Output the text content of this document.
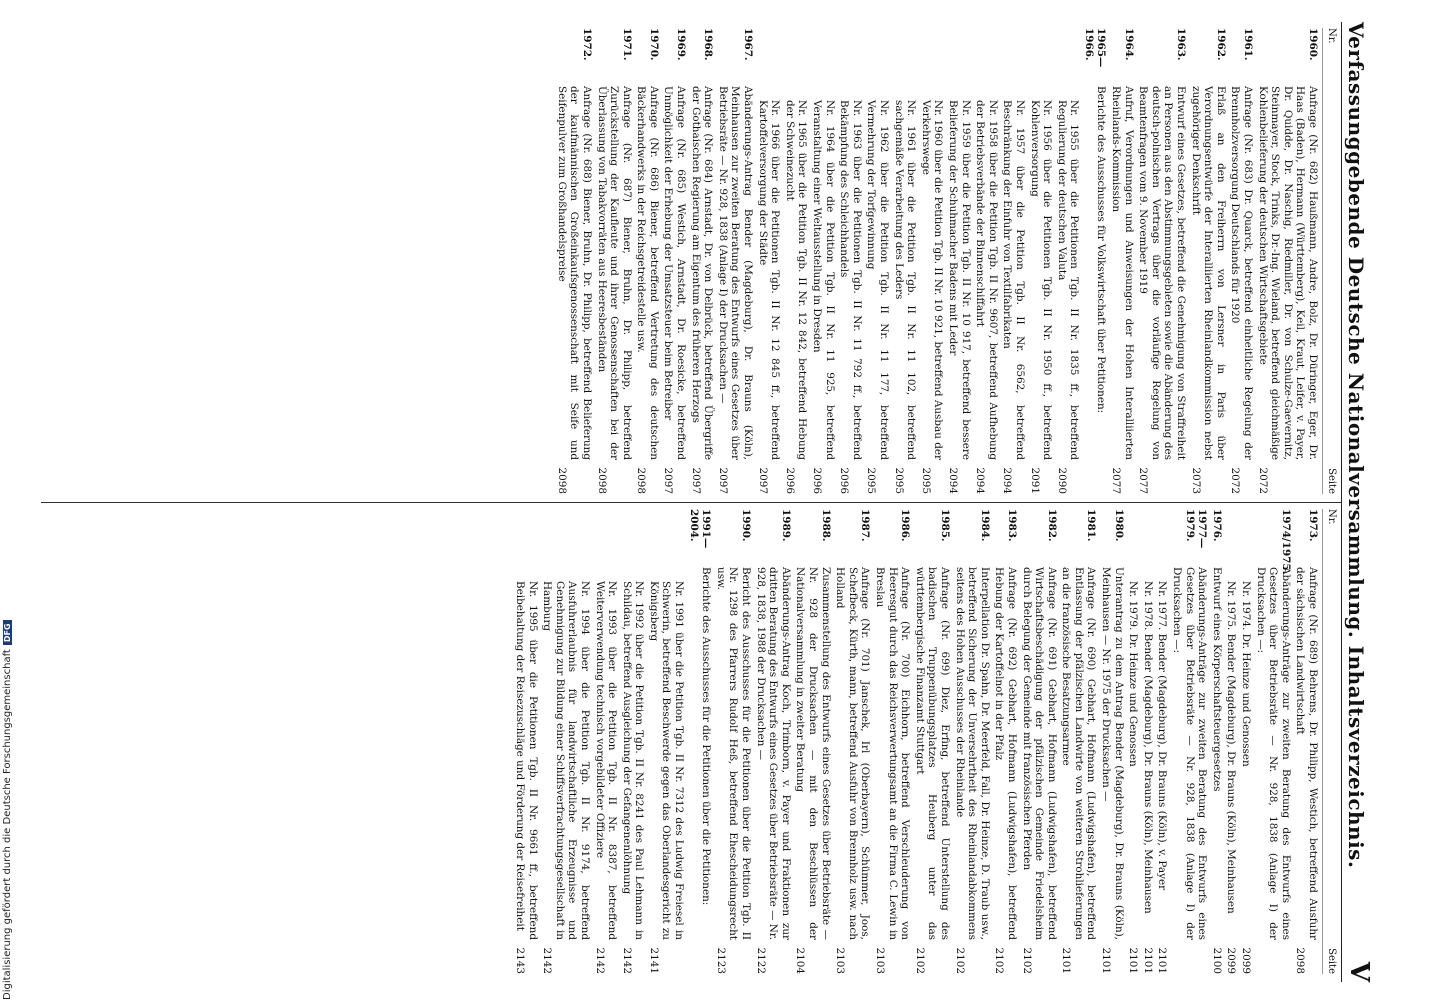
Verfassunggebende Deutsche Nationalversammlung. Inhaltsverzeichnis.
V
Nr.
Seite
1960.
Anfrage (Nr. 682) Haußmann, Andre, Bolz, Dr. Düringer, Eger, Dr. Haas (Baden), Hermann (Württemberg), Keil, Kraut, Leifer, v. Payer, Dr. Quidde, Dr. Naschig, Riedmiller, Dr. von Schulze-Gaevernitz, Steinmayer, Stock, Trinks, Dr.-Ing. Wieland, betreffend gleichmäßige Kohlenbelieferung der deutschen Wirtschaftsgebiete
2072
1961.
Anfrage (Nr. 683) Dr. Quarck, betreffend einheitliche Regelung der Brennholzversorgung Deutschlands für 1920
2072
1962.
Erlaß an den Freiherrn von Lersner in Paris über Verordnungsentwürfe der Interalliierten Rheinlandkommission nebst zugehöriger Denkschrift
2073
1963.
Entwurf eines Gesetzes, betreffend die Genehmigung von Straffreiheit an Personen aus den Abstimmungsgebieten sowie die Abänderung des deutsch-polnischen Vertrags über die vorläufige Regelung von Beamtenfragen vom 9. November 1919
2077
1964.
Aufruf, Verordnungen und Anweisungen der Hohen Interalliierten Rheinlands-Kommission
2077
1965—1966.
Berichte des Ausschusses für Volkswirtschaft über Petitionen:
Nr. 1955 über die Petitionen Tgb. II Nr. 1835 ff., betreffend Regulierung der deutschen Valuta
2090
Nr. 1956 über die Petitionen Tgb. II Nr. 1950 ff., betreffend Kohlenversorgung
2091
Nr. 1957 über die Petition Tgb. II Nr. 6562, betreffend Beschränkung der Einfuhr von Textilfabrikaten
2094
Nr. 1958 über die Petition Tgb. II Nr. 9607, betreffend Aufhebung der Betriebsverbände der Binnenschiffahrt
2094
Nr. 1959 über die Petition Tgb. II Nr. 10 917, betreffend bessere Belieferung der Schuhmacher Badens mit Leder
2094
Nr. 1960 über die Petition Tgb. II Nr. 10 921, betreffend Ausbau der Verkehrswege
2095
Nr. 1961 über die Petition Tgb. II Nr. 11 102, betreffend sachgemäße Verarbeitung des Leders
2095
Nr. 1962 über die Petition Tgb. II Nr. 11 177, betreffend Vermehrung der Torfgewinnung
2095
Nr. 1963 über die Petitionen Tgb. II Nr. 11 792 ff., betreffend Bekämpfung des Schleichhandels
2096
Nr. 1964 über die Petition Tgb. II Nr. 11 925, betreffend Veranstaltung einer Weltausstellung in Dresden
2096
Nr. 1965 über die Petition Tgb. II Nr. 12 842, betreffend Hebung der Schweinezucht
2096
Nr. 1966 über die Petitionen Tgb. II Nr. 12 845 ff., betreffend Kartoffelversorgung der Städte
2097
1967.
Abänderungs-Antrag Bender (Magdeburg), Dr. Brauns (Köln), Meinhausen zur zweiten Beratung des Entwurfs eines Gesetzes über Betriebsräte — Nr. 928, 1838 (Anlage I) der Drucksachen —
2097
1968.
Anfrage (Nr. 684) Arnstadt, Dr. von Delbrück, betreffend Übergriffe der Gothaischen Regierung am Eigentum des früheren Herzogs
2097
1969.
Anfrage (Nr. 685) Westich, Arnstadt, Dr. Roesicke, betreffend Unmöglichkeit der Erhebung der Umsatzsteuer beim Betreiber
2097
1970.
Anfrage (Nr. 686) Biener, betreffend Vertretung des deutschen Bäckerhandwerks in der Reichsgetreidestelle usw.
2098
1971.
Anfrage (Nr. 687) Biener, Bruhn, Dr. Philipp, betreffend Zurückstellung der Kaufleute und ihrer Genossenschaften bei der Überlassung von Tabakvorräten aus Heeresbeständen
2098
1972.
Anfrage (Nr. 688) Biener, Bruhn, Dr. Philipp, betreffend Belieferung der kaufmännischen Großeinkaufsgenossenschaft mit Seife und Seifenpulver zum Großhandelspreise
2098
Nr.
Seite
1973.
Anfrage (Nr. 689) Behrens, Dr. Philipp, Westich, betreffend Ausfuhr der sächsischen Landwirtschaft
2098
1974/1975.
Abänderungs-Anträge zur zweiten Beratung des Entwurfs eines Gesetzes über Betriebsräte — Nr. 928, 1838 (Anlage I) der Drucksachen —:
Nr. 1974. Dr. Heinze und Genossen
2099
Nr. 1975. Bender (Magdeburg), Dr. Brauns (Köln), Meinhausen
2099
1976.
Entwurf eines Körperschaftsteuergesetzes
2100
1977—1979.
Abänderungs-Anträge zur zweiten Beratung des Entwurfs eines Gesetzes über Betriebsräte — Nr. 928, 1838 (Anlage I) der Drucksachen —:
Nr. 1977. Bender (Magdeburg), Dr. Brauns (Köln), v. Payer
2101
Nr. 1978. Bender (Magdeburg), Dr. Brauns (Köln), Meinhausen
2101
Nr. 1979. Dr. Heinze und Genossen
2101
1980.
Unterantrag zu dem Antrag Bender (Magdeburg), Dr. Brauns (Köln), Meinhausen — Nr. 1975 der Drucksachen —
2101
1981.
Anfrage (Nr. 690) Gebhart, Hofmann (Ludwigshafen), betreffend Entlassung der pfälzischen Landwirte von weiteren Strohlieferungen an die französische Besatzungsarmee
2101
1982.
Anfrage (Nr. 691) Gebhart, Hofmann (Ludwigshafen), betreffend Wirtschaftsbeschädigung der pfälzischen Gemeinde Friedelsheim durch Belegung der Gemeinde mit französischen Pferden
2102
1983.
Anfrage (Nr. 692) Gebhart, Hofmann (Ludwigshafen), betreffend Hebung der Kartoffelnot in der Pfalz
2102
1984.
Interpellation Dr. Spahn, Dr. Meerfeld, Fall, Dr. Heinze, D. Traub usw., betreffend Sicherung der Unversehrtheit des Rheinlandabkommens seitens des Hohen Ausschusses der Rheinlande
2102
1985.
Anfrage (Nr. 699) Diez, Erfing, betreffend Unterstellung des badischen Truppenübungsplatzes Heuberg unter das württembergische Finanzamt Stuttgart
2102
1986.
Anfrage (Nr. 700) Eichhorn, betreffend Verschleuderung von Heeresgut durch das Reichsverwertungsamt an die Firma C. Lewin in Breslau
2103
1987.
Anfrage (Nr. 701) Janschek, Irl (Oberbayern), Schümmer, Joos, Schefbeck, Kürth, mann, betreffend Ausfuhr von Brennholz usw. nach Holland
2103
1988.
Zusammenstellung des Entwurfs eines Gesetzes über Betriebsräte — Nr. 928 der Drucksachen — mit den Beschlüssen der Nationalversammlung in zweiter Beratung
2104
1989.
Abänderungs-Antrag Koch, Trimborn, v. Payer und Fraktionen zur dritten Beratung des Entwurfs eines Gesetzes über Betriebsräte — Nr. 928, 1838, 1988 der Drucksachen —
2122
1990.
Bericht des Ausschusses für die Petitionen über die Petition Tgb. II Nr. 1298 des Pfarrers Rudolf Heß, betreffend Ehescheidungsrecht usw.
2123
1991—2004.
Berichte des Ausschusses für die Petitionen über die Petitionen:
Nr. 1991 über die Petition Tgb. II Nr. 7312 des Ludwig Freiesel in Schwerin, betreffend Beschwerde gegen das Oberlandesgericht zu Königsberg
2141
Nr. 1992 über die Petition Tgb. II Nr. 8241 des Paul Lehmann in Schildau, betreffend Ausgleichung der Gefangenenlöhnung
2142
Nr. 1993 über die Petition Tgb. II Nr. 8387, betreffend Weiterverwendung technisch vorgebildeter Offiziere
2142
Nr. 1994 über die Petition Tgb. II Nr. 9174, betreffend Ausfuhrerlaubnis für landwirtschaftliche Erzeugnisse und Genehmigung zur Bildung einer Schiffsverfrachtungsgesellschaft in Hamburg
2142
Nr. 1995 über die Petitionen Tgb. II Nr. 9661 ff., betreffend Beibehaltung der Reisezuschläge und Förderung der Reisefreiheit
2143
Digitalisierung gefördert durch die Deutsche Forschungsgemeinschaft
DFG
